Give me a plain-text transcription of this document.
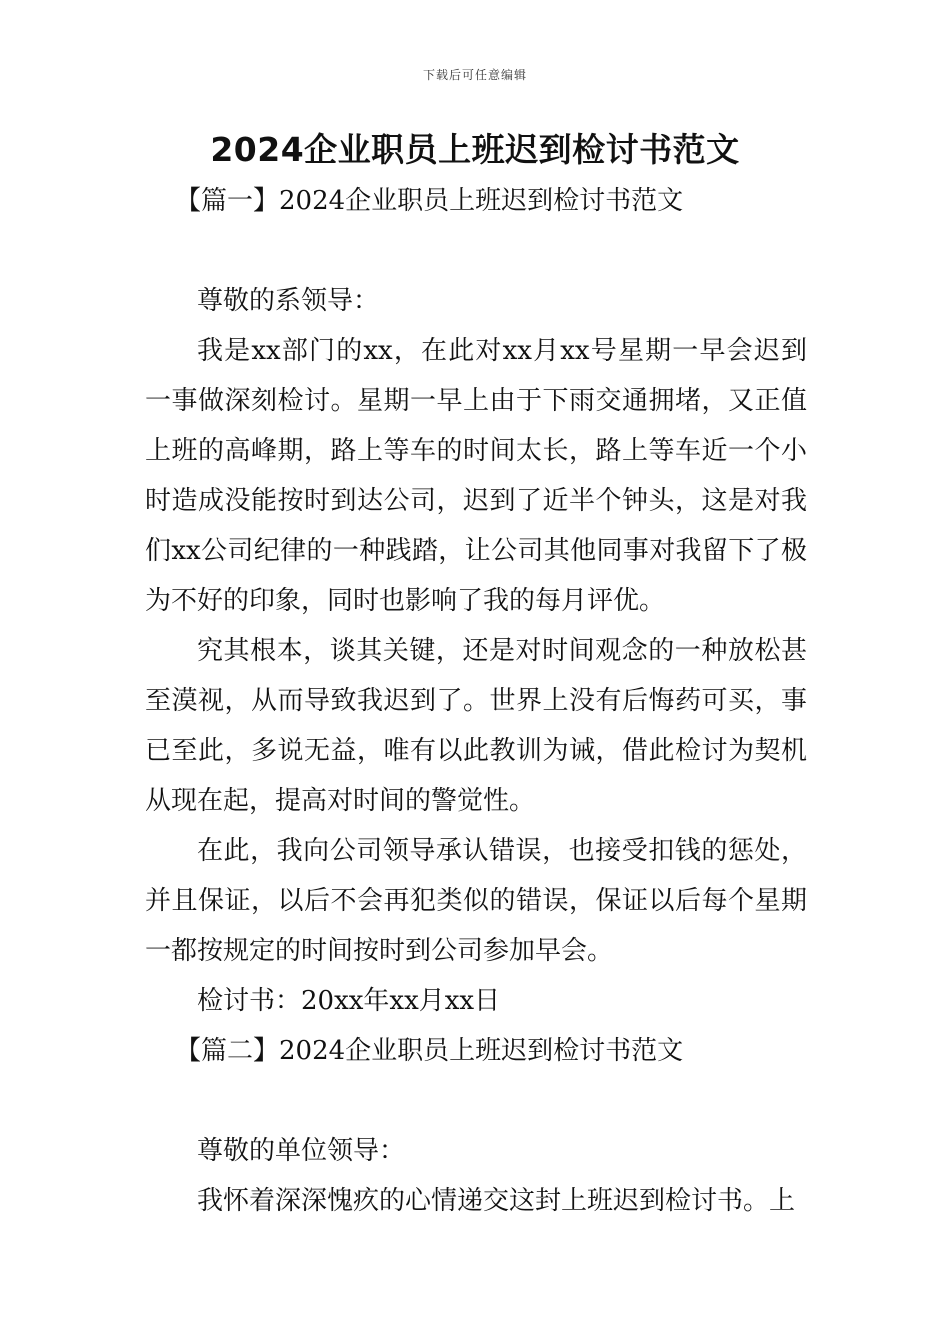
下载后可任意编辑
2024企业职员上班迟到检讨书范文

【篇一】2024企业职员上班迟到检讨书范文

尊敬的系领导：

我是xx部门的xx，在此对xx月xx号星期一早会迟到一事做深刻检讨。星期一早上由于下雨交通拥堵，又正值上班的高峰期，路上等车的时间太长，路上等车近一个小时造成没能按时到达公司，迟到了近半个钟头，这是对我们xx公司纪律的一种践踏，让公司其他同事对我留下了极为不好的印象，同时也影响了我的每月评优。

究其根本，谈其关键，还是对时间观念的一种放松甚至漠视，从而导致我迟到了。世界上没有后悔药可买，事已至此，多说无益，唯有以此教训为诫，借此检讨为契机从现在起，提高对时间的警觉性。

在此，我向公司领导承认错误，也接受扣钱的惩处，并且保证，以后不会再犯类似的错误，保证以后每个星期一都按规定的时间按时到公司参加早会。

检讨书：20xx年xx月xx日

【篇二】2024企业职员上班迟到检讨书范文

尊敬的单位领导：

我怀着深深愧疚的心情递交这封上班迟到检讨书。上
